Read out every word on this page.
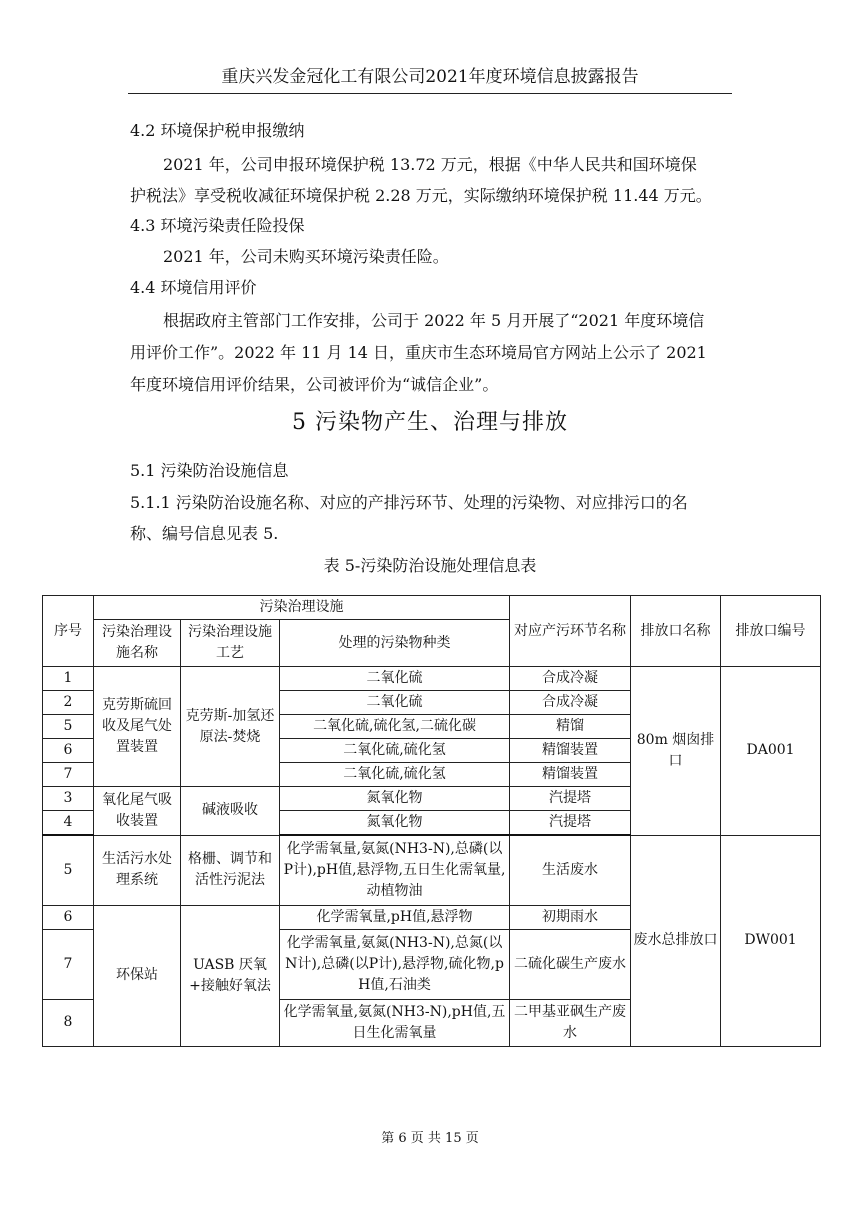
重庆兴发金冠化工有限公司2021年度环境信息披露报告
4.2 环境保护税申报缴纳
2021 年，公司申报环境保护税 13.72 万元，根据《中华人民共和国环境保
护税法》享受税收减征环境保护税 2.28 万元，实际缴纳环境保护税 11.44 万元。
4.3 环境污染责任险投保
2021 年，公司未购买环境污染责任险。
4.4 环境信用评价
根据政府主管部门工作安排，公司于 2022 年 5 月开展了“2021 年度环境信
用评价工作”。2022 年 11 月 14 日，重庆市生态环境局官方网站上公示了 2021
年度环境信用评价结果，公司被评价为“诚信企业”。
5 污染物产生、治理与排放
5.1 污染防治设施信息
5.1.1 污染防治设施名称、对应的产排污环节、处理的污染物、对应排污口的名
称、编号信息见表 5.
表 5-污染防治设施处理信息表
序号	污染治理设施			对应产污环节名称	排放口名称	排放口编号
	污染治理设施名称	污染治理设施工艺	处理的污染物种类			
1	克劳斯硫回收及尾气处置装置	克劳斯-加氢还原法-焚烧	二氧化硫	合成冷凝	80m 烟囱排口	DA001
2			二氧化硫	合成冷凝		
5			二氧化硫,硫化氢,二硫化碳	精馏		
6			二氧化硫,硫化氢	精馏装置		
7			二氧化硫,硫化氢	精馏装置		
3	氧化尾气吸收装置	碱液吸收	氮氧化物	汽提塔		
4			氮氧化物	汽提塔		
5	生活污水处理系统	格栅、调节和活性污泥法	化学需氧量,氨氮(NH3-N),总磷(以P计),pH值,悬浮物,五日生化需氧量,动植物油	生活废水	废水总排放口	DW001
6	环保站	UASB 厌氧+接触好氧法	化学需氧量,pH值,悬浮物	初期雨水		
7			化学需氧量,氨氮(NH3-N),总氮(以N计),总磷(以P计),悬浮物,硫化物,pH值,石油类	二硫化碳生产废水		
8			化学需氧量,氨氮(NH3-N),pH值,五日生化需氧量	二甲基亚砜生产废水		
第 6 页 共 15 页
